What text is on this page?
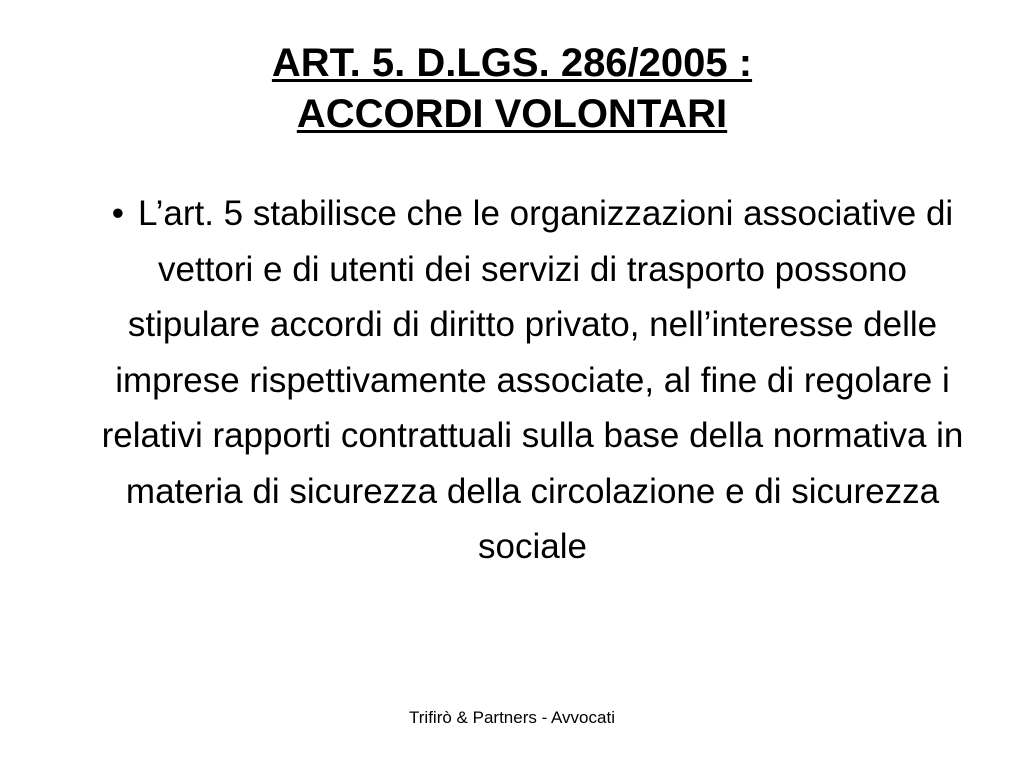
ART. 5. D.LGS. 286/2005 :
ACCORDI VOLONTARI
• L’art. 5 stabilisce che le organizzazioni associative di vettori e di utenti dei servizi di trasporto possono stipulare accordi di diritto privato, nell’interesse delle imprese rispettivamente associate, al fine di regolare i relativi rapporti contrattuali sulla base della normativa in materia di sicurezza della circolazione e di sicurezza sociale
Trifirò & Partners - Avvocati
